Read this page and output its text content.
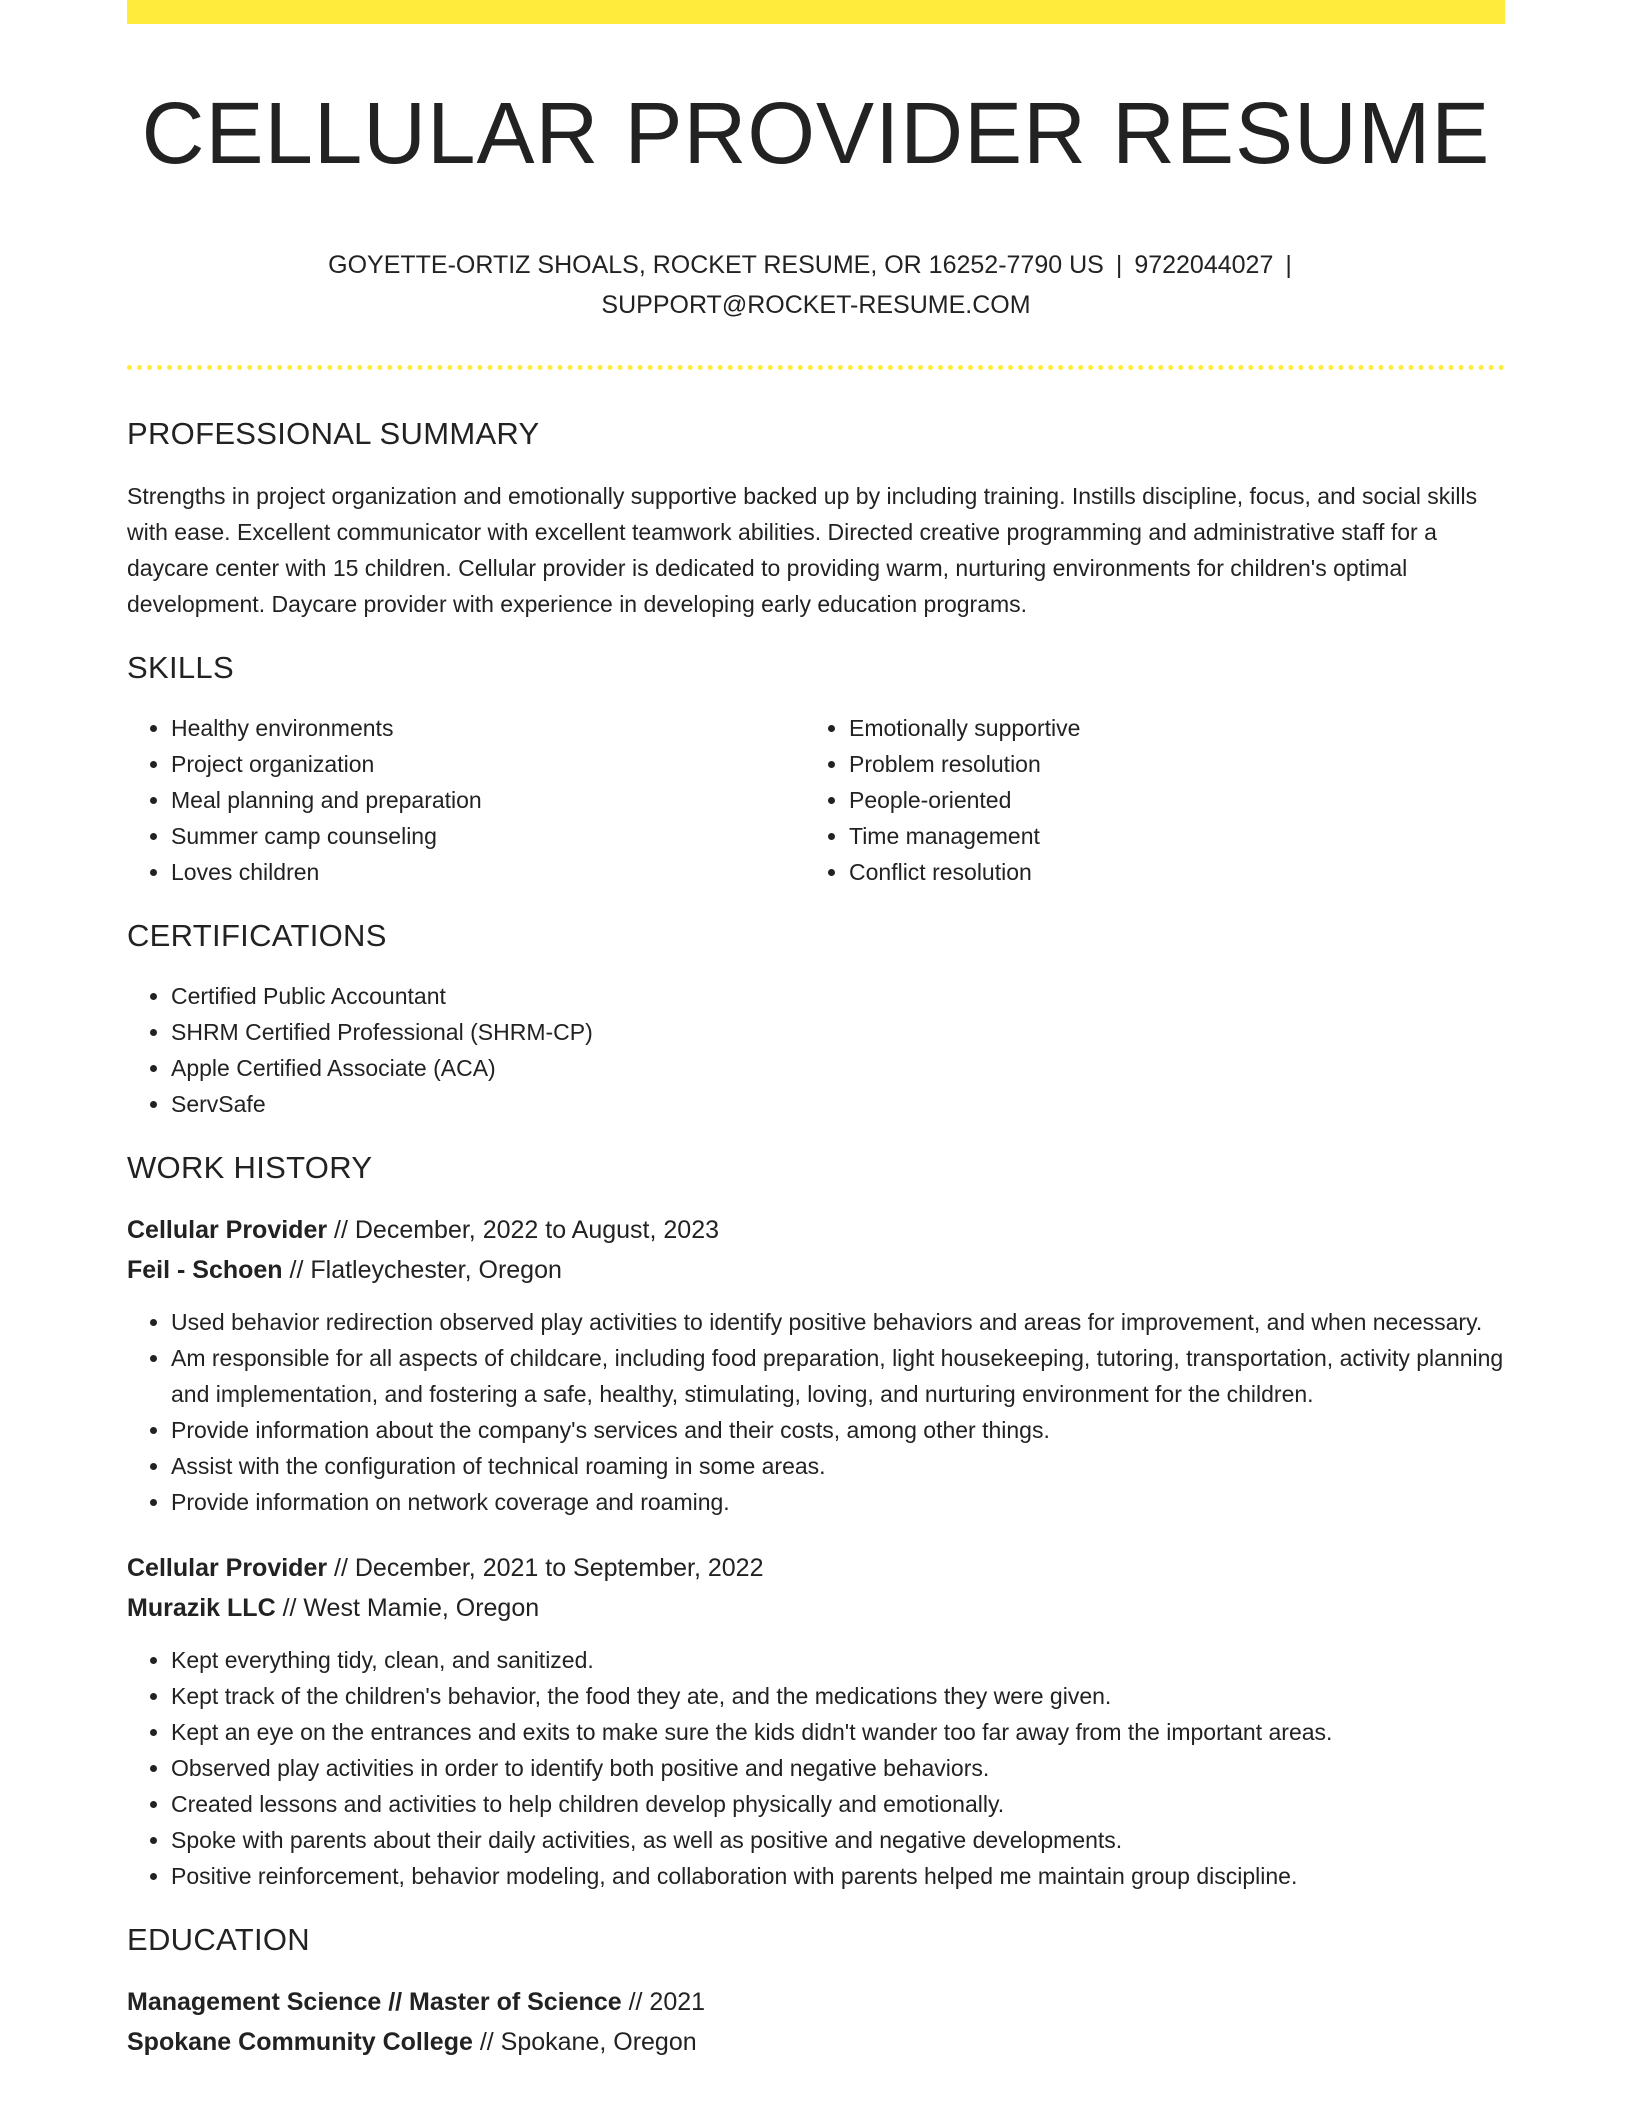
CELLULAR PROVIDER RESUME
GOYETTE-ORTIZ SHOALS, ROCKET RESUME, OR 16252-7790 US | 9722044027 |
SUPPORT@ROCKET-RESUME.COM
PROFESSIONAL SUMMARY

Strengths in project organization and emotionally supportive backed up by including training. Instills discipline, focus, and social skills with ease. Excellent communicator with excellent teamwork abilities. Directed creative programming and administrative staff for a daycare center with 15 children. Cellular provider is dedicated to providing warm, nurturing environments for children's optimal development. Daycare provider with experience in developing early education programs.

SKILLS
• Healthy environments
• Project organization
• Meal planning and preparation
• Summer camp counseling
• Loves children
• Emotionally supportive
• Problem resolution
• People-oriented
• Time management
• Conflict resolution
CERTIFICATIONS
• Certified Public Accountant
• SHRM Certified Professional (SHRM-CP)
• Apple Certified Associate (ACA)
• ServSafe
WORK HISTORY
Cellular Provider // December, 2022 to August, 2023
Feil - Schoen // Flatleychester, Oregon
• Used behavior redirection observed play activities to identify positive behaviors and areas for improvement, and when necessary.
• Am responsible for all aspects of childcare, including food preparation, light housekeeping, tutoring, transportation, activity planning and implementation, and fostering a safe, healthy, stimulating, loving, and nurturing environment for the children.
• Provide information about the company's services and their costs, among other things.
• Assist with the configuration of technical roaming in some areas.
• Provide information on network coverage and roaming.
Cellular Provider // December, 2021 to September, 2022
Murazik LLC // West Mamie, Oregon
• Kept everything tidy, clean, and sanitized.
• Kept track of the children's behavior, the food they ate, and the medications they were given.
• Kept an eye on the entrances and exits to make sure the kids didn't wander too far away from the important areas.
• Observed play activities in order to identify both positive and negative behaviors.
• Created lessons and activities to help children develop physically and emotionally.
• Spoke with parents about their daily activities, as well as positive and negative developments.
• Positive reinforcement, behavior modeling, and collaboration with parents helped me maintain group discipline.
EDUCATION
Management Science // Master of Science // 2021
Spokane Community College // Spokane, Oregon
